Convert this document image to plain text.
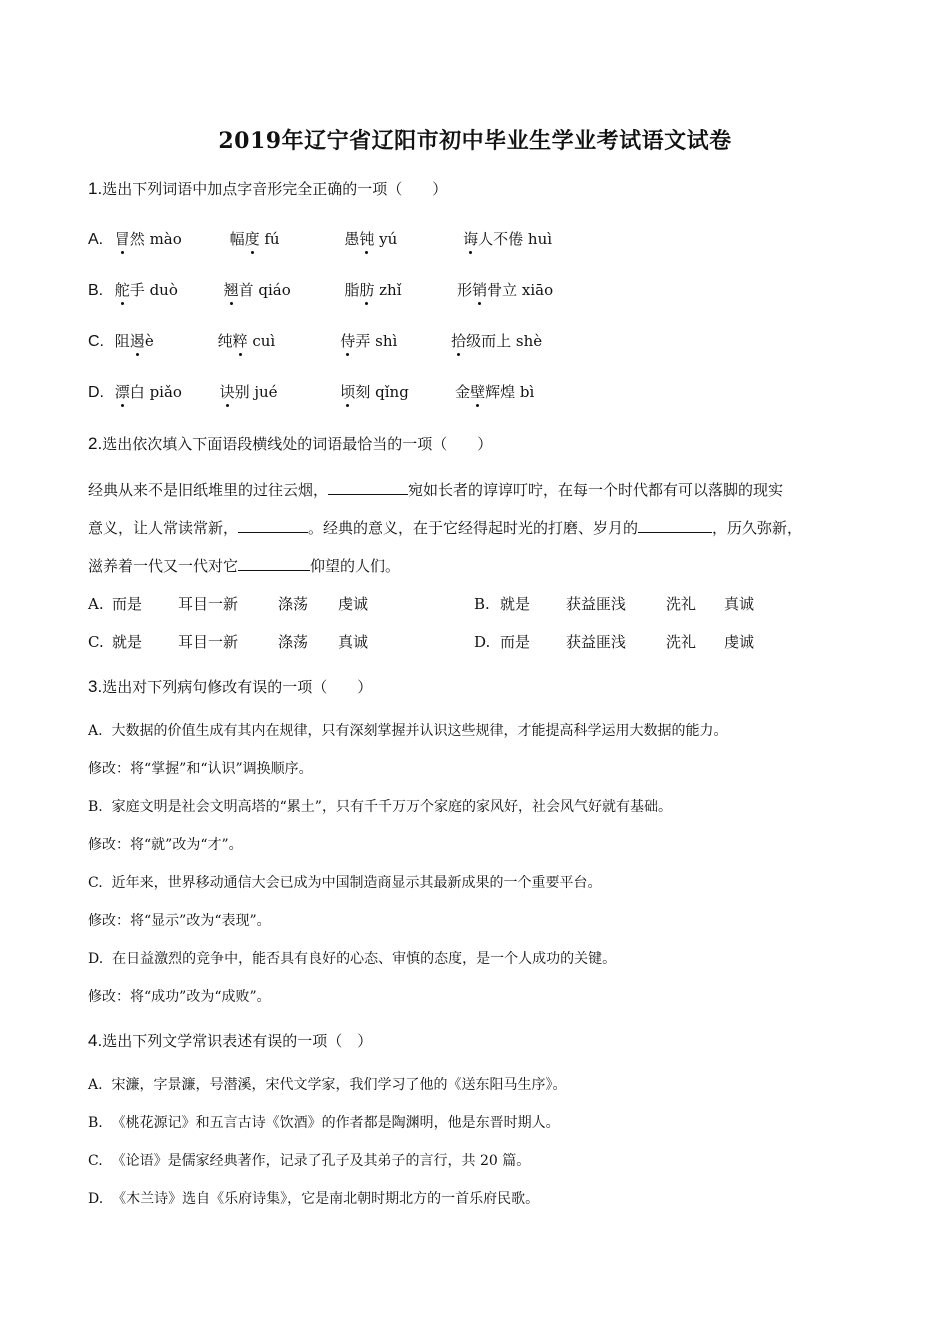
2019年辽宁省辽阳市初中毕业生学业考试语文试卷
1.选出下列词语中加点字音形完全正确的一项（　　）
A. 冒然 mào	幅度 fú	愚钝 yú	诲人不倦 huì
B. 舵手 duò	翘首 qiáo	脂肪 zhǐ	形销骨立 xiāo
C. 阻遏è	纯粹 cuì	侍弄 shì	拾级而上 shè
D. 漂白 piǎo	诀别 jué	顷刻 qǐng	金壁辉煌 bì
2.选出依次填入下面语段横线处的词语最恰当的一项（　　）
经典从来不是旧纸堆里的过往云烟，	宛如长者的谆谆叮咛，在每一个时代都有可以落脚的现实
意义，让人常读常新，	。经典的意义，在于它经得起时光的打磨、岁月的	，历久弥新，
滋养着一代又一代对它	仰望的人们。
A. 而是 耳目一新	涤荡 虔诚	B. 就是 获益匪浅	洗礼 真诚
C. 就是 耳目一新	涤荡 真诚	D. 而是 获益匪浅	洗礼 虔诚
3.选出对下列病句修改有误的一项（　　）
A.  大数据的价值生成有其内在规律，只有深刻掌握并认识这些规律，才能提高科学运用大数据的能力。
修改：将“掌握”和“认识”调换顺序。
B.  家庭文明是社会文明高塔的“累土”，只有千千万万个家庭的家风好，社会风气好就有基础。
修改：将“就”改为“才”。
C.  近年来，世界移动通信大会已成为中国制造商显示其最新成果的一个重要平台。
修改：将“显示”改为“表现”。
D.  在日益激烈的竞争中，能否具有良好的心态、审慎的态度，是一个人成功的关键。
修改：将“成功”改为“成败”。
4.选出下列文学常识表述有误的一项（　）
A.  宋濂，字景濂，号潜溪，宋代文学家，我们学习了他的《送东阳马生序》。
B.  《桃花源记》和五言古诗《饮酒》的作者都是陶渊明，他是东晋时期人。
C.  《论语》是儒家经典著作，记录了孔子及其弟子的言行，共 20 篇。
D.  《木兰诗》选自《乐府诗集》，它是南北朝时期北方的一首乐府民歌。
